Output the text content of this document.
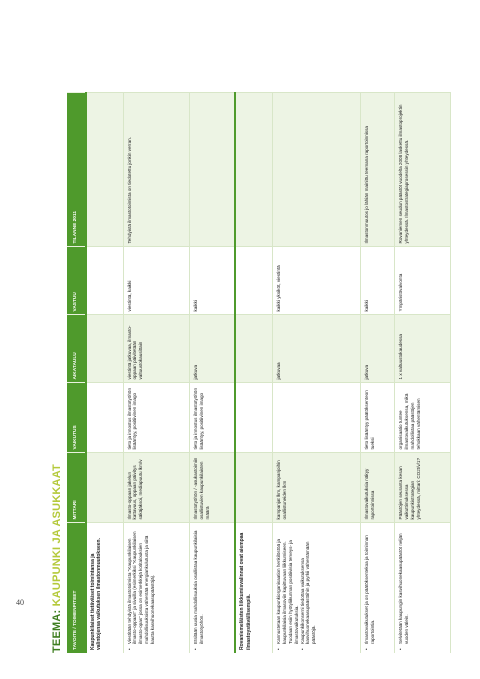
40
TEEMA: KAUPUNKI JA ASUKKAAT
TAVOITE / TOIMENPITEET	MITTARI	VAIKUTUS	AIKATAULU	VASTUU	TILANNE 2011
Kaupunkilaiset tietäväiset toimintansa ja valintojensa vaikutuksen ilmastonmuutokseen.					

•
Viestitään tehdyistä ilmastotoimista "Kaupunkilaisen ilmasto-oppaan" ja sivuilla (esimerkiksi "Kaupunkilaisen ilmasto-opas" jossa on esimerkkejä kotitalouksien mahdollisuuksista vähentää energiankulutusta ja siitä kautta kasvihuonekaasupäästöjä).	Ilmasto-oppaan jakelun kattavuus, oppaan päivitys säkäjäksoi, mediapuutu lkm/v	tieto ja innostus ilmastotyöhön lisääntyy, positiivinen imago	viestintä jatkuvaa, ilmasto-oppaan päivitetään valtuustokausittain	viestintä, kaikki	Tehdyistä ilmastotoimista on tiedotettu jonkin verran.

•
Etsitään uusia mahdollisuuksia osallistaa kaupunkilaisia ilmastotyöhön.	Ilmastotyöhön / -asukastoimiin osallistuvien kaupunkilaisten määrä	tieto ja innostus ilmastotyöhön lisääntyy, positiivinen imago	jatkuva	kaikki	
Rovaniemeläisten liikkumisvalinnat ovat aiempaa ilmastoystävällisempiä.					

•
Kannustetaan kaupunkiorganisaation henkilöstöä ja kaupunkilaisia ilmasoviin kapittuvaan liikkumiseen. Tuodaan esiin hyötyliikunnan positiivisia terveys- ja ilmastovaikutuksia.
•
Kaupunkikonserni tiedottaa vaikutuksensa kasvihuonekaasupäästöihin ja pyrkii vähentämään päästöjä.	kampanjat lkm, kampanjoihin osallistuneiden lkm		jatkuvaa	kaikki yksiköt, viestintä	

•
Ilmastovaikutukset ja on päätöksentekoa ja toiminnan raportointia.	Ilmastovaikutuksia näkyy raportoinnissa	tieto lisääntyy päätöksenteon tueksi	jatkuva	kaikki	Ilmastonmuutos jo lähiän mainittu teemana raportoinnissa

•
Selvitetään kaupungin kasvihuonekaasupäästöt neljän vuoden välein.	Päästöjen seuranta kesan vaikuttimuksessa kaupunkistrategian yhteydessä, mittari: CO2t/v/1?	organisaatio tuntee ilmastovaikutuksensa, mikä mahdollistaa päästöjen tehokkaan vähentämisen	1 x valtuustokaudessa	Ympäristövalvonta	Rovaniemen seudun päästöt vuodelta 2008 laskettu ilmastoprojektin yhteydessä. Ilmastostrategiaprosessin yhteydessä.
